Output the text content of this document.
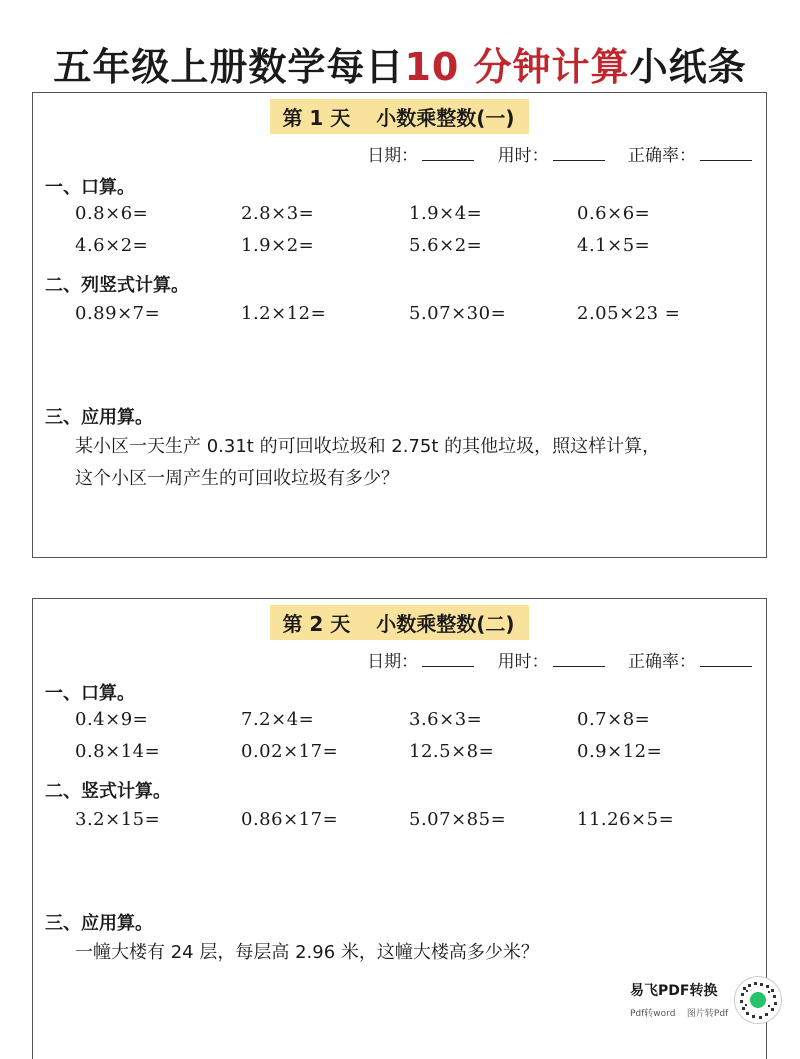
五年级上册数学每日10 分钟计算小纸条
第 1 天 小数乘整数(一)
日期：	用时：	正确率：
一、口算。
0.8×6=	2.8×3=	1.9×4=	0.6×6=
4.6×2=	1.9×2=	5.6×2=	4.1×5=
二、列竖式计算。
0.89×7=	1.2×12=	5.07×30=	2.05×23 =
三、应用算。
某小区一天生产 0.31t 的可回收垃圾和 2.75t 的其他垃圾，照这样计算，
这个小区一周产生的可回收垃圾有多少？
第 2 天 小数乘整数(二)
日期：	用时：	正确率：
一、口算。
0.4×9=	7.2×4=	3.6×3=	0.7×8=
0.8×14=	0.02×17=	12.5×8=	0.9×12=
二、竖式计算。
3.2×15=	0.86×17=	5.07×85=	11.26×5=
三、应用算。
一幢大楼有 24 层，每层高 2.96 米，这幢大楼高多少米？
易飞PDF转换
Pdf转word 图片转Pdf
